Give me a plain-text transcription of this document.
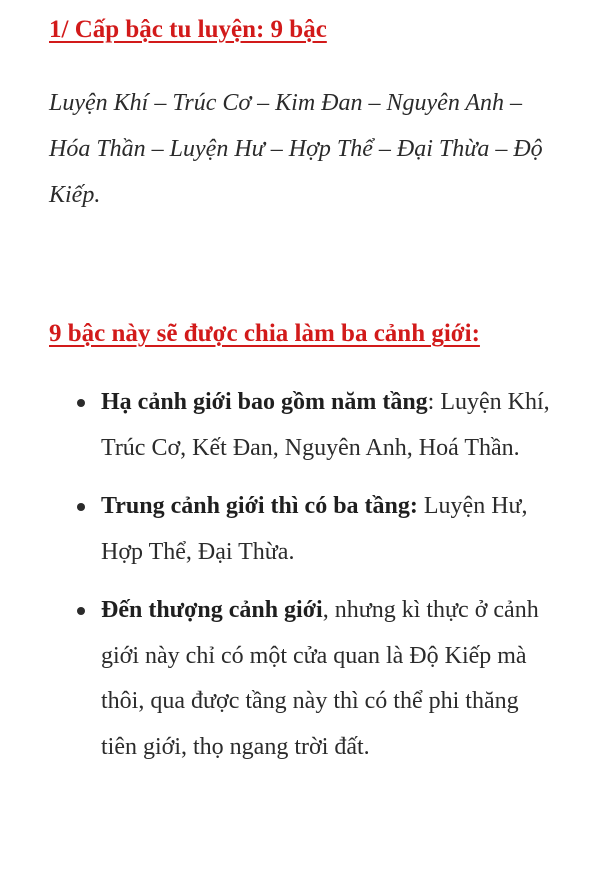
1/ Cấp bậc tu luyện: 9 bậc

Luyện Khí – Trúc Cơ – Kim Đan – Nguyên Anh – Hóa Thần – Luyện Hư – Hợp Thể – Đại Thừa – Độ Kiếp.

9 bậc này sẽ được chia làm ba cảnh giới:
Hạ cảnh giới bao gồm năm tầng: Luyện Khí, Trúc Cơ, Kết Đan, Nguyên Anh, Hoá Thần.
Trung cảnh giới thì có ba tầng: Luyện Hư, Hợp Thể, Đại Thừa.
Đến thượng cảnh giới, nhưng kì thực ở cảnh giới này chỉ có một cửa quan là Độ Kiếp mà thôi, qua được tầng này thì có thể phi thăng tiên giới, thọ ngang trời đất.
